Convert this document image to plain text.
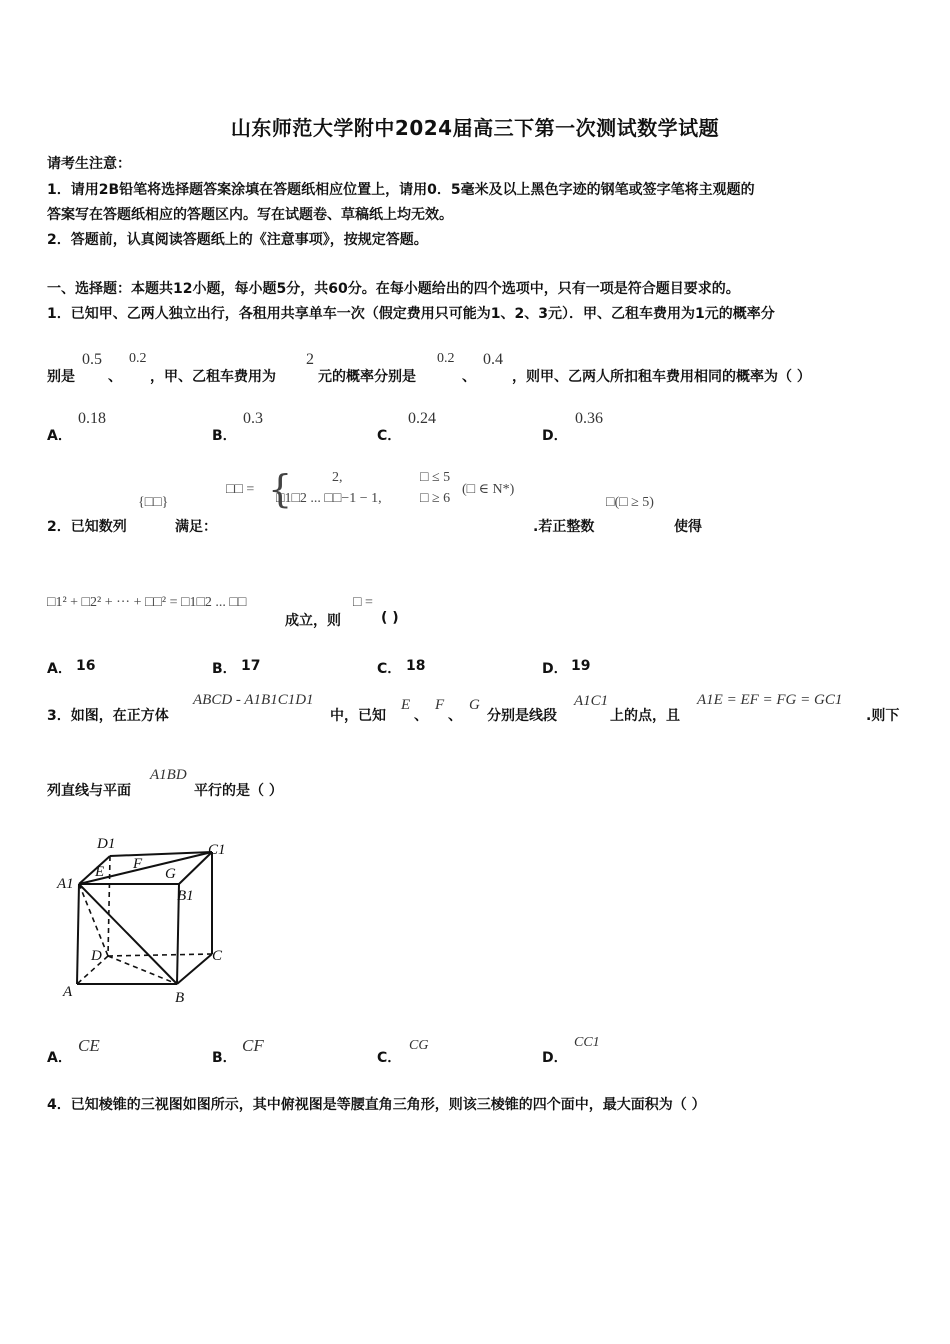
山东师范大学附中2024届高三下第一次测试数学试题
请考生注意：
1．请用2B铅笔将选择题答案涂填在答题纸相应位置上，请用0．5毫米及以上黑色字迹的钢笔或签字笔将主观题的
答案写在答题纸相应的答题区内。写在试题卷、草稿纸上均无效。
2．答题前，认真阅读答题纸上的《注意事项》，按规定答题。
一、选择题：本题共12小题，每小题5分，共60分。在每小题给出的四个选项中，只有一项是符合题目要求的。
1．已知甲、乙两人独立出行，各租用共享单车一次（假定费用只可能为1、2、3元）．甲、乙租车费用为1元的概率分
别是
0.5
、
0.2
，甲、乙租车费用为
2
元的概率分别是
0.2
、
0.4
，则甲、乙两人所扣租车费用相同的概率为（ ）
A．
0.18
B．
0.3
C．
0.24
D．
0.36
2．已知数列
{□□}
满足：
□□ = {	2,
□1□2 ... □□−1 − 1,
□ ≤ 5
□ ≥ 6
(□ ∈ N*)
.若正整数
□(□ ≥ 5)
使得
□1² + □2² + ··· + □□² = □1□2 ... □□
成立，则
□ =
( )
A． 16	B． 17	C． 18	D． 19
3．如图，在正方体
ABCD - A1B1C1D1
中，已知
E
、
F
、
G
分别是线段
A1C1
上的点，且
A1E = EF = FG = GC1
.则下
列直线与平面
A1BD
平行的是（ ）
D1	C1
A1
E F
G
B1
D	C
A	B
A．
CE
B．
CF
C．
CG
D．
CC1
4．已知棱锥的三视图如图所示，其中俯视图是等腰直角三角形，则该三棱锥的四个面中，最大面积为（ ）
